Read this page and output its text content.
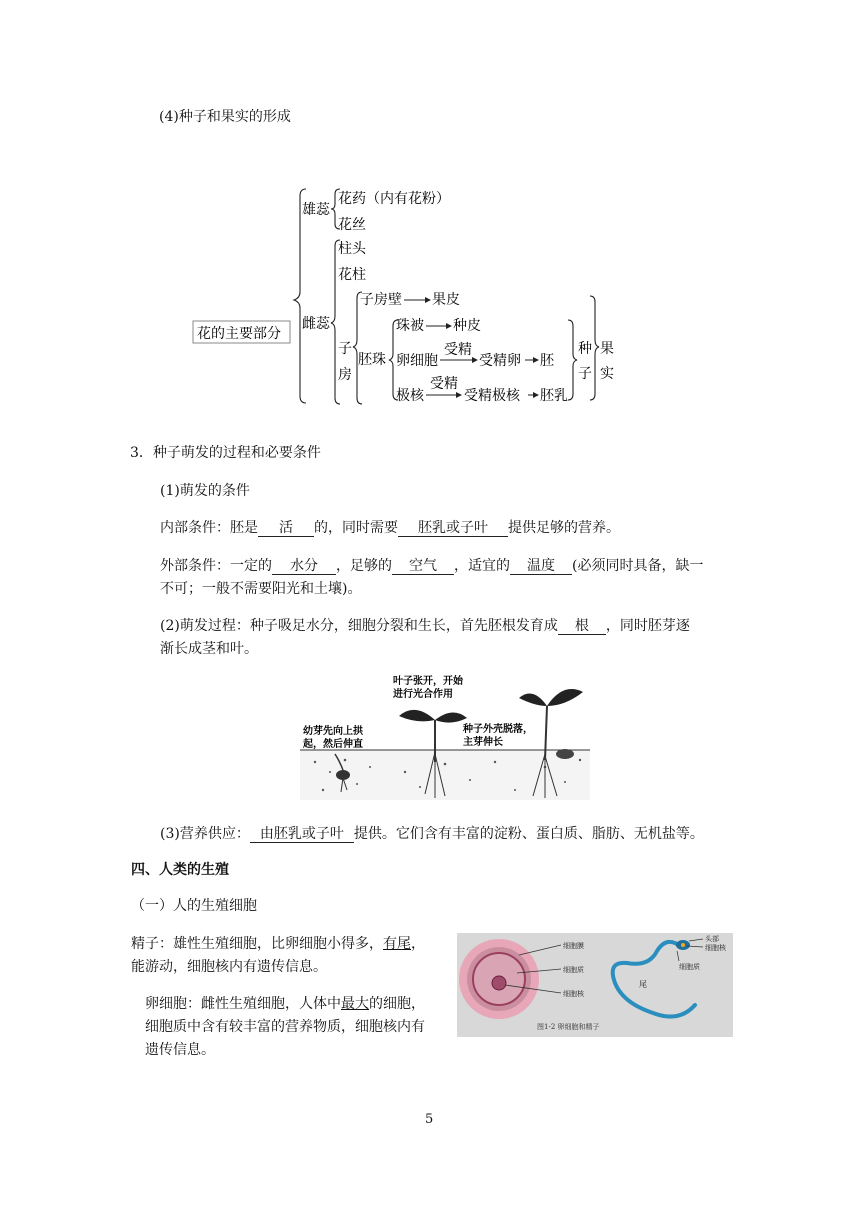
(4)种子和果实的形成
花的主要部分
雄蕊
花药（内有花粉）
花丝
雌蕊
柱头
花柱
子
房
子房壁 果皮
胚珠
珠被 种皮
卵细胞
受精
受精卵 胚
极核
受精
受精极核 胚乳
种
子
果
实
3．种子萌发的过程和必要条件
(1)萌发的条件
内部条件：胚是 活 的，同时需要 胚乳或子叶 提供足够的营养。
外部条件：一定的 水分 ，足够的 空气 ，适宜的 温度 (必须同时具备，缺一
不可；一般不需要阳光和土壤)。
(2)萌发过程：种子吸足水分，细胞分裂和生长，首先胚根发育成 根 ，同时胚芽逐
渐长成茎和叶。
幼芽先向上拱
起，然后伸直
叶子张开，开始
进行光合作用
种子外壳脱落，
主芽伸长
(3)营养供应： 由胚乳或子叶 提供。它们含有丰富的淀粉、蛋白质、脂肪、无机盐等。
四、人类的生殖
（一）人的生殖细胞
精子：雄性生殖细胞，比卵细胞小得多，有尾，
能游动，细胞核内有遗传信息。
卵细胞：雌性生殖细胞，人体中最大的细胞，
细胞质中含有较丰富的营养物质，细胞核内有
遗传信息。
细胞膜
细胞质
细胞核
头部
细胞核
细胞质
尾
图1-2 卵细胞和精子
5
